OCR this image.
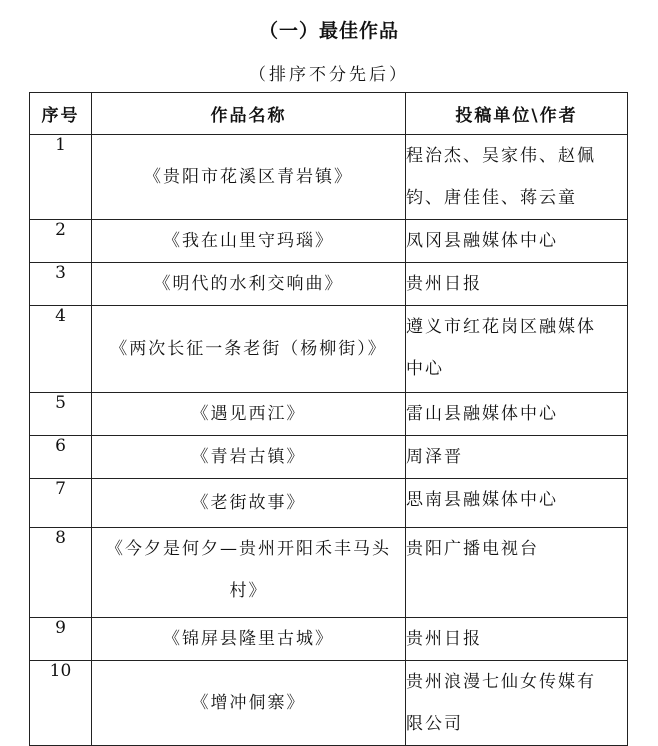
（一）最佳作品
（排序不分先后）
序号	作品名称	投稿单位\作者
1	《贵阳市花溪区青岩镇》	程治杰、吴家伟、赵佩
钧、唐佳佳、蒋云童

2	《我在山里守玛瑙》	凤冈县融媒体中心

3	《明代的水利交响曲》	贵州日报

4	《两次长征一条老街（杨柳街）》	遵义市红花岗区融媒体
中心

5	《遇见西江》	雷山县融媒体中心

6	《青岩古镇》	周泽晋

7	《老街故事》	思南县融媒体中心

8	《今夕是何夕—贵州开阳禾丰马头村》	贵阳广播电视台

9	《锦屏县隆里古城》	贵州日报

10	《增冲侗寨》	贵州浪漫七仙女传媒有
限公司
